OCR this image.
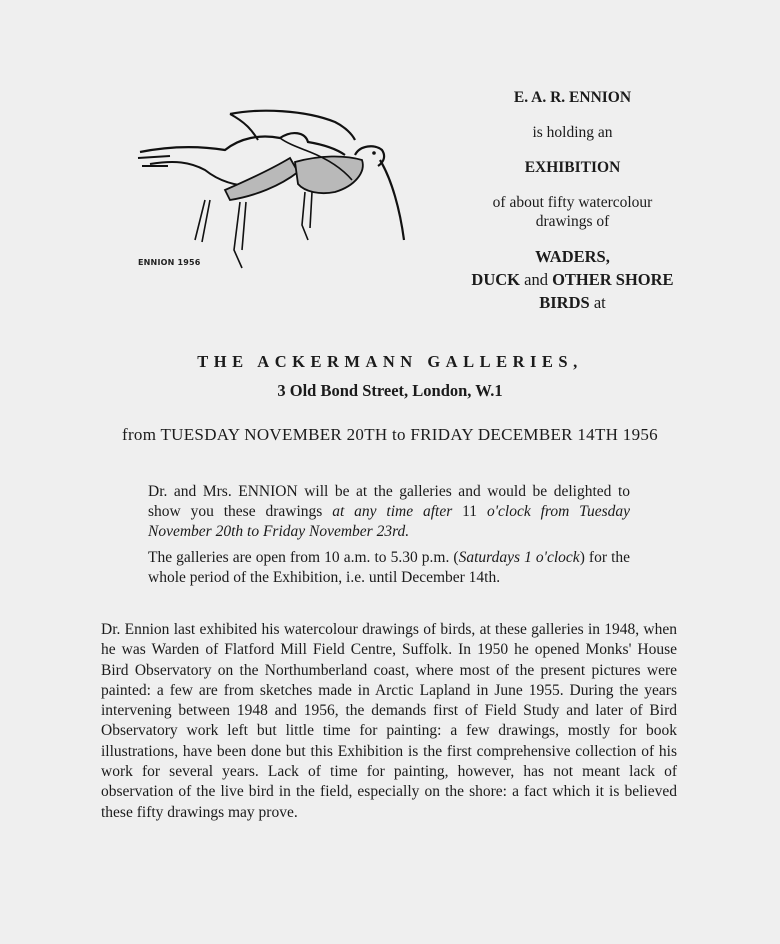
ENNION 1956
E. A. R. ENNION
is holding an
EXHIBITION
of about fifty watercolour
drawings of
WADERS,
DUCK and OTHER SHORE
BIRDS at
THE ACKERMANN GALLERIES,
3 Old Bond Street, London, W.1
from TUESDAY NOVEMBER 20TH to FRIDAY DECEMBER 14TH 1956
Dr. and Mrs. ENNION will be at the galleries and would be delighted to show you these drawings at any time after 11 o'clock from Tuesday November 20th to Friday November 23rd.
The galleries are open from 10 a.m. to 5.30 p.m. (Saturdays 1 o'clock) for the whole period of the Exhibition, i.e. until December 14th.
Dr. Ennion last exhibited his watercolour drawings of birds, at these galleries in 1948, when he was Warden of Flatford Mill Field Centre, Suffolk. In 1950 he opened Monks' House Bird Observatory on the Northumberland coast, where most of the present pictures were painted: a few are from sketches made in Arctic Lapland in June 1955. During the years intervening between 1948 and 1956, the demands first of Field Study and later of Bird Observatory work left but little time for painting: a few drawings, mostly for book illustrations, have been done but this Exhibition is the first comprehensive collection of his work for several years. Lack of time for painting, however, has not meant lack of observation of the live bird in the field, especially on the shore: a fact which it is believed these fifty drawings may prove.
